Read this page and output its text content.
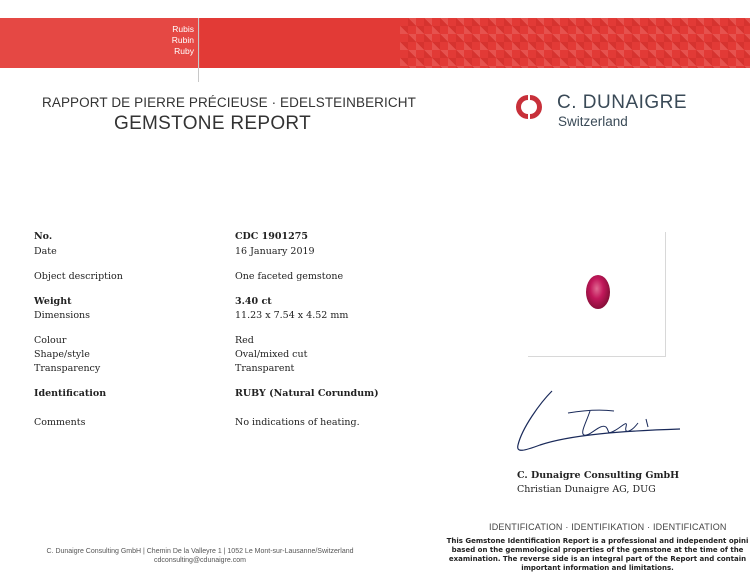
Rubis
Rubin
Ruby
RAPPORT DE PIERRE PRÉCIEUSE · EDELSTEINBERICHT
GEMSTONE REPORT
C. DUNAIGRE
Switzerland
No.	CDC 1901275
Date	16 January 2019
Object description	One faceted gemstone
Weight	3.40 ct
Dimensions	11.23 x 7.54 x 4.52 mm
Colour	Red
Shape/style	Oval/mixed cut
Transparency	Transparent
Identification	RUBY (Natural Corundum)
Comments	No indications of heating.
C. Dunaigre Consulting GmbH
Christian Dunaigre AG, DUG
C. Dunaigre Consulting GmbH | Chemin De la Valleyre 1 | 1052 Le Mont-sur-Lausanne/Switzerland
cdconsulting@cdunaigre.com
IDENTIFICATION · IDENTIFIKATION · IDENTIFICATION
This Gemstone Identification Report is a professional and independent opini
based on the gemmological properties of the gemstone at the time of the
examination. The reverse side is an integral part of the Report and contain
important information and limitations.
